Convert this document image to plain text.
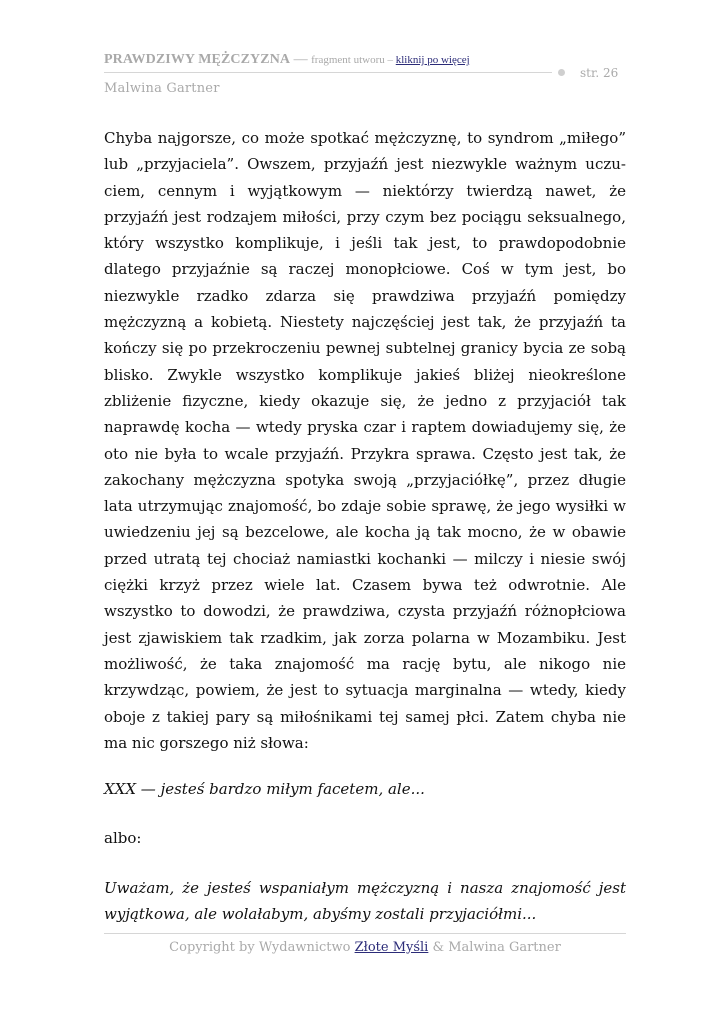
PRAWDZIWY MĘŻCZYZNA — fragment utworu – kliknij po więcej
str. 26
Malwina Gartner

Chyba najgorsze, co może spotkać mężczyznę, to syndrom „miłego” lub „przyjaciela”. Owszem, przyjaźń jest niezwykle ważnym uczuciem, cennym i wyjątkowym — niektórzy twierdzą nawet, że przyjaźń jest rodzajem miłości, przy czym bez pociągu seksualnego, który wszystko komplikuje, i jeśli tak jest, to prawdopodobnie dlatego przyjaźnie są raczej monopłciowe. Coś w tym jest, bo niezwykle rzadko zdarza się prawdziwa przyjaźń pomiędzy mężczyzną a kobietą. Niestety najczęściej jest tak, że przyjaźń ta kończy się po przekroczeniu pewnej subtelnej granicy bycia ze sobą blisko. Zwykle wszystko komplikuje jakieś bliżej nieokreślone zbliżenie fizyczne, kiedy okazuje się, że jedno z przyjaciół tak naprawdę kocha — wtedy pryska czar i raptem dowiadujemy się, że oto nie była to wcale przyjaźń. Przykra sprawa. Często jest tak, że zakochany mężczyzna spotyka swoją „przyjaciółkę”, przez długie lata utrzymując znajomość, bo zdaje sobie sprawę, że jego wysiłki w uwiedzeniu jej są bezcelowe, ale kocha ją tak mocno, że w obawie przed utratą tej chociaż namiastki kochanki — milczy i niesie swój ciężki krzyż przez wiele lat. Czasem bywa też odwrotnie. Ale wszystko to dowodzi, że prawdziwa, czysta przyjaźń różnopłciowa jest zjawiskiem tak rzadkim, jak zorza polarna w Mozambiku. Jest możliwość, że taka znajomość ma rację bytu, ale nikogo nie krzywdząc, powiem, że jest to sytuacja marginalna — wtedy, kiedy oboje z takiej pary są miłośnikami tej samej płci. Zatem chyba nie ma nic gorszego niż słowa:

XXX — jesteś bardzo miłym facetem, ale...

albo:

Uważam, że jesteś wspaniałym mężczyzną i nasza znajomość jest wyjątkowa, ale wolałabym, abyśmy zostali przyjaciółmi...

Copyright by Wydawnictwo Złote Myśli & Malwina Gartner
